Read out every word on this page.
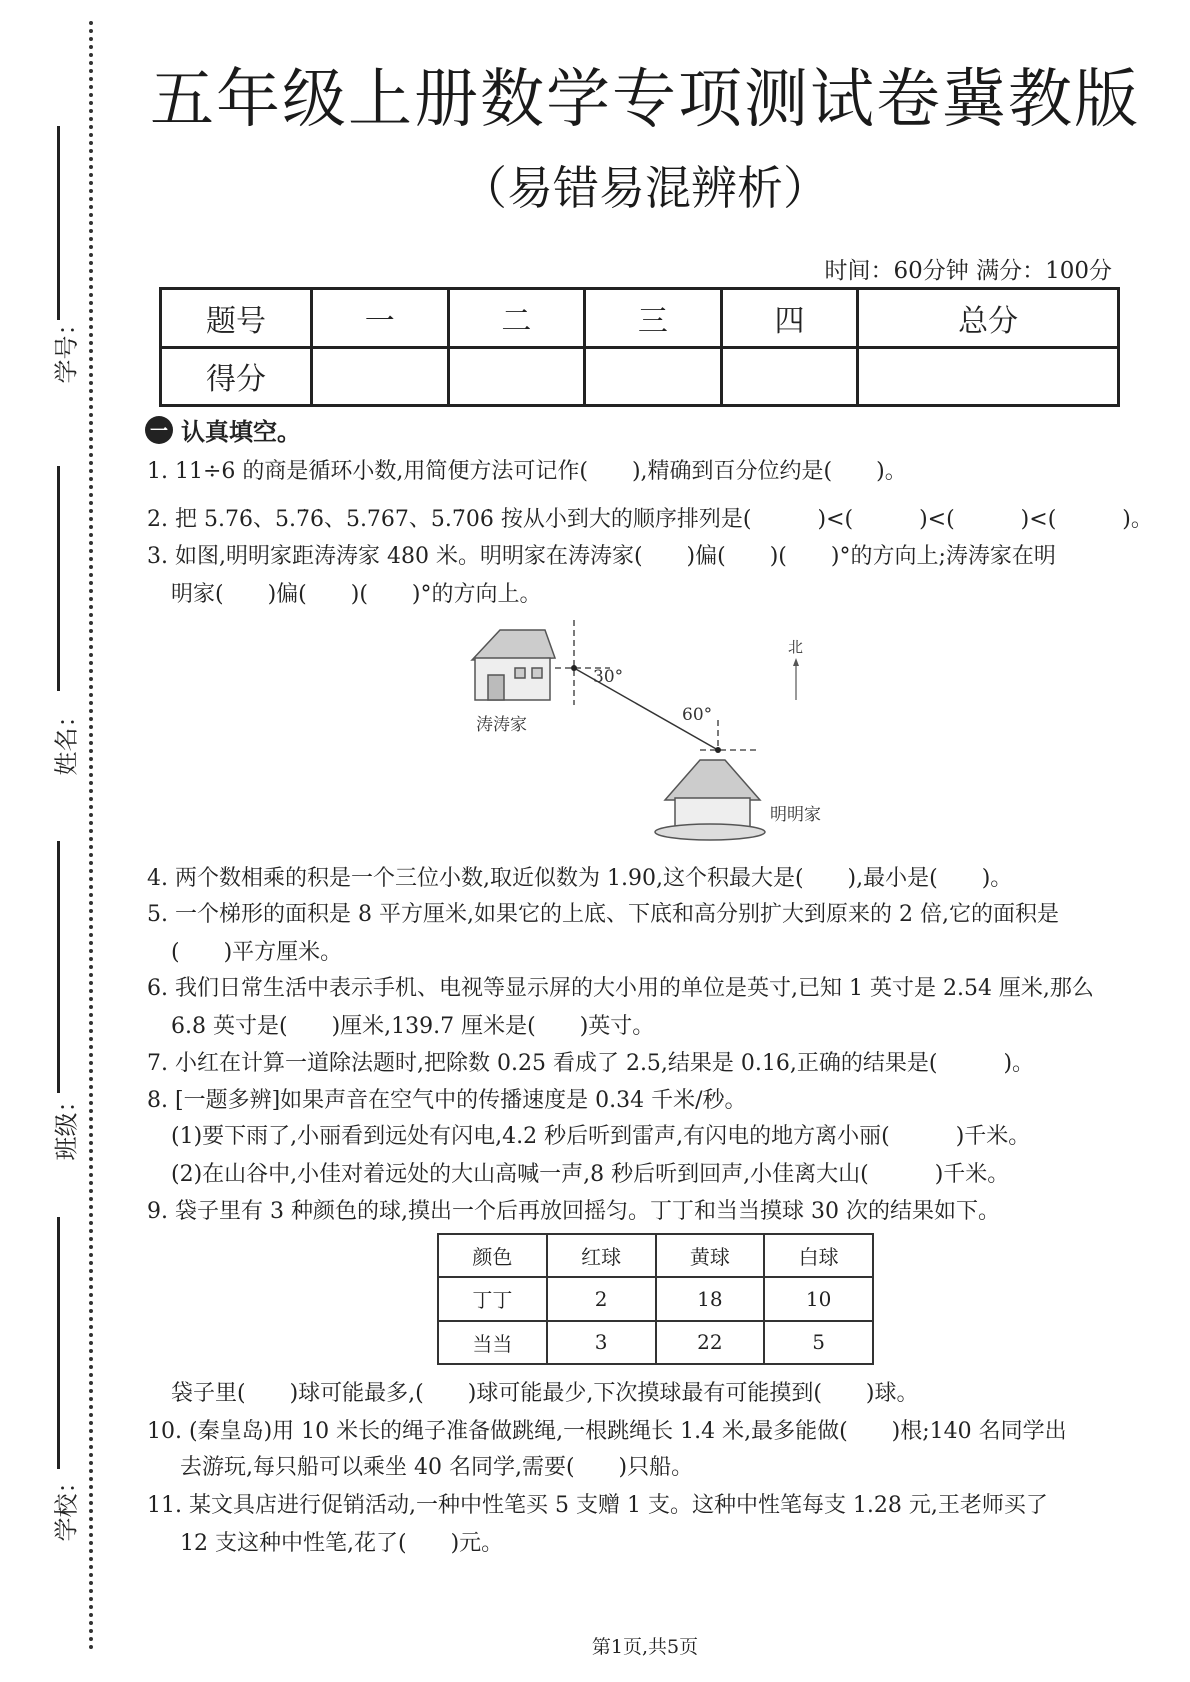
学号：
姓名：
班级：
学校：
五年级上册数学专项测试卷冀教版
（易错易混辨析）
时间：60分钟 满分：100分
题号	一	二	三	四	总分
得分					
一 认真填空。
1. 11÷6 的商是循环小数,用简便方法可记作(　　),精确到百分位约是(　　)。
2. 把 5.76̇、5.7̇6̇、5.767、5.7̇06̇ 按从小到大的顺序排列是(　　　)<(　　　)<(　　　)<(　　　)。
3. 如图,明明家距涛涛家 480 米。明明家在涛涛家(　　)偏(　　)(　　)°的方向上;涛涛家在明
明家(　　)偏(　　)(　　)°的方向上。
30°
60°
涛涛家
明明家
北
4. 两个数相乘的积是一个三位小数,取近似数为 1.90,这个积最大是(　　),最小是(　　)。
5. 一个梯形的面积是 8 平方厘米,如果它的上底、下底和高分别扩大到原来的 2 倍,它的面积是
(　　)平方厘米。
6. 我们日常生活中表示手机、电视等显示屏的大小用的单位是英寸,已知 1 英寸是 2.54 厘米,那么
6.8 英寸是(　　)厘米,139.7 厘米是(　　)英寸。
7. 小红在计算一道除法题时,把除数 0.25 看成了 2.5,结果是 0.16,正确的结果是(　　　)。
8. [一题多辨]如果声音在空气中的传播速度是 0.34 千米/秒。
(1)要下雨了,小丽看到远处有闪电,4.2 秒后听到雷声,有闪电的地方离小丽(　　　)千米。
(2)在山谷中,小佳对着远处的大山高喊一声,8 秒后听到回声,小佳离大山(　　　)千米。
9. 袋子里有 3 种颜色的球,摸出一个后再放回摇匀。丁丁和当当摸球 30 次的结果如下。
颜色	红球	黄球	白球
丁丁	2	18	10
当当	3	22	5
袋子里(　　)球可能最多,(　　)球可能最少,下次摸球最有可能摸到(　　)球。
10. (秦皇岛)用 10 米长的绳子准备做跳绳,一根跳绳长 1.4 米,最多能做(　　)根;140 名同学出
去游玩,每只船可以乘坐 40 名同学,需要(　　)只船。
11. 某文具店进行促销活动,一种中性笔买 5 支赠 1 支。这种中性笔每支 1.28 元,王老师买了
12 支这种中性笔,花了(　　)元。
第1页,共5页
